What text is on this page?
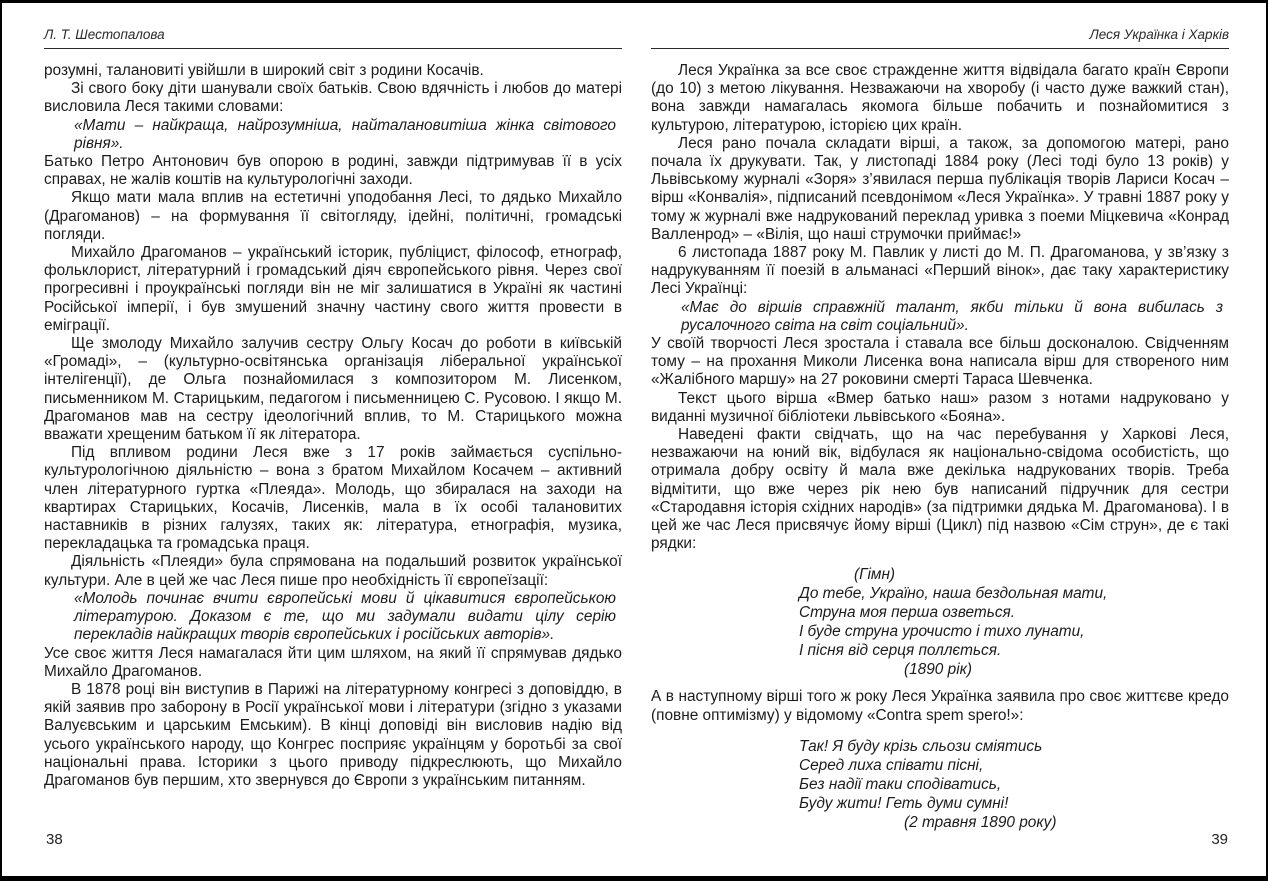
Л. Т. Шестопалова

розумні, талановиті увійшли в широкий світ з родини Косачів.

Зі свого боку діти шанували своїх батьків. Свою вдячність і любов до матері висловила Леся такими словами:

«Мати – найкраща, найрозумніша, найталановитіша жінка світового рівня».

Батько Петро Антонович був опорою в родині, завжди підтримував її в усіх справах, не жалів коштів на культурологічні заходи.

Якщо мати мала вплив на естетичні уподобання Лесі, то дядько Михайло (Драгоманов) – на формування її світогляду, ідейні, політичні, громадські погляди.

Михайло Драгоманов – український історик, публіцист, філософ, етнограф, фольклорист, літературний і громадський діяч європейського рівня. Через свої прогресивні і проукраїнські погляди він не міг залишатися в Україні як частині Російської імперії, і був змушений значну частину свого життя провести в еміграції.

Ще змолоду Михайло залучив сестру Ольгу Косач до роботи в київській «Громаді», – (культурно-освітянська організація ліберальної української інтелігенції), де Ольга познайомилася з композитором М. Лисенком, письменником М. Старицьким, педагогом і письменницею С. Русовою. І якщо М. Драгоманов мав на сестру ідеологічний вплив, то М. Старицького можна вважати хрещеним батьком її як літератора.

Під впливом родини Леся вже з 17 років займається суспільно-культурологічною діяльністю – вона з братом Михайлом Косачем – активний член літературного гуртка «Плеяда». Молодь, що збиралася на заходи на квартирах Старицьких, Косачів, Лисенків, мала в їх особі талановитих наставників в різних галузях, таких як: література, етнографія, музика, перекладацька та громадська праця.

Діяльність «Плеяди» була спрямована на подальший розвиток української культури. Але в цей же час Леся пише про необхідність її європеїзації:

«Молодь починає вчити європейські мови й цікавитися європейською літературою. Доказом є те, що ми задумали видати цілу серію перекладів найкращих творів європейських і російських авторів».

Усе своє життя Леся намагалася йти цим шляхом, на який її спрямував дядько Михайло Драгоманов.

В 1878 році він виступив в Парижі на літературному конгресі з доповіддю, в якій заявив про заборону в Росії української мови і літератури (згідно з указами Валуєвським и царським Емським). В кінці доповіді він висловив надію від усього українського народу, що Конгрес посприяє українцям у боротьбі за свої національні права. Історики з цього приводу підкреслюють, що Михайло Драгоманов був першим, хто звернувся до Європи з українським питанням.

Леся Українка і Харків

Леся Українка за все своє стражденне життя відвідала багато країн Європи (до 10) з метою лікування. Незважаючи на хворобу (і часто дуже важкий стан), вона завжди намагалась якомога більше побачить и познайомитися з культурою, літературою, історією цих країн.

Леся рано почала складати вірші, а також, за допомогою матері, рано почала їх друкувати. Так, у листопаді 1884 року (Лесі тоді було 13 років) у Львівському журналі «Зоря» з’явилася перша публікація творів Лариси Косач – вірш «Конвалія», підписаний псевдонімом «Леся Українка». У травні 1887 року у тому ж журналі вже надрукований переклад уривка з поеми Міцкевича «Конрад Валленрод» – «Вілія, що наші струмочки приймає!»

6 листопада 1887 року М. Павлик у листі до М. П. Драгоманова, у зв’язку з надрукуванням її поезій в альманасі «Перший вінок», дає таку характеристику Лесі Українці:

«Має до віршів справжній талант, якби тільки й вона вибилась з русалочного світа на світ соціальний».

У своїй творчості Леся зростала і ставала все більш досконалою. Свідченням тому – на прохання Миколи Лисенка вона написала вірш для створеного ним «Жалібного маршу» на 27 роковини смерті Тараса Шевченка.

Текст цього вірша «Вмер батько наш» разом з нотами надруковано у виданні музичної бібліотеки львівського «Бояна».

Наведені факти свідчать, що на час перебування у Харкові Леся, незважаючи на юний вік, відбулася як національно-свідома особистість, що отримала добру освіту й мала вже декілька надрукованих творів. Треба відмітити, що вже через рік нею був написаний підручник для сестри «Стародавня історія східних народів» (за підтримки дядька М. Драгоманова). І в цей же час Леся присвячує йому вірші (Цикл) під назвою «Сім струн», де є такі рядки:

(Гімн)
До тебе, Україно, наша бездольная мати,
Струна моя перша озветься.
І буде струна урочисто і тихо лунати,
І пісня від серця поллється.
(1890 рік)

А в наступному вірші того ж року Леся Українка заявила про своє життєве кредо (повне оптимізму) у відомому «Contra spem spero!»:

Так! Я буду крізь сльози сміятись
Серед лиха співати пісні,
Без надії таки сподіватись,
Буду жити! Геть думи сумні!
(2 травня 1890 року)
38	39
